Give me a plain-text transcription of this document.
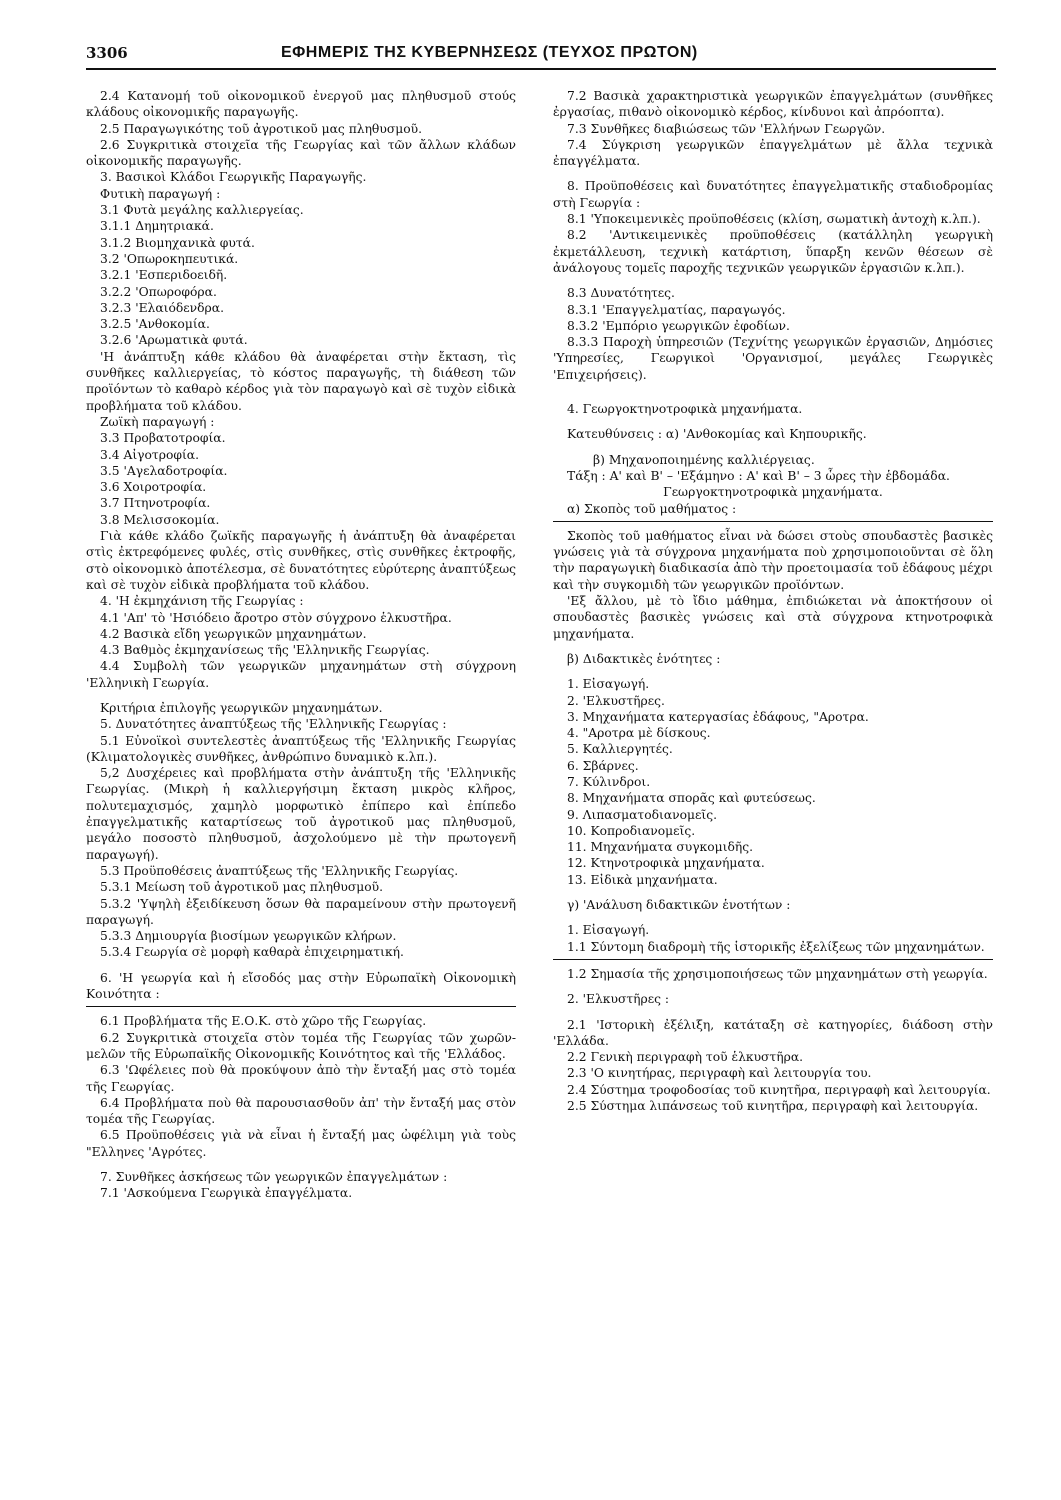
3306	ΕΦΗΜΕΡΙΣ ΤΗΣ ΚΥΒΕΡΝΗΣΕΩΣ (ΤΕΥΧΟΣ ΠΡΩΤΟΝ)

2.4 Κατανομή τοῦ οἰκονομικοῦ ἐνεργοῦ μας πληθυσμοῦ στούς κλάδους οἰκονομικῆς παραγωγῆς.

2.5 Παραγωγικότης τοῦ ἀγροτικοῦ μας πληθυσμοῦ.

2.6 Συγκριτικὰ στοιχεῖα τῆς Γεωργίας καὶ τῶν ἄλλων κλάδων οἰκονομικῆς παραγωγῆς.

3. Βασικοὶ Κλάδοι Γεωργικῆς Παραγωγῆς.

Φυτικὴ παραγωγή :

3.1 Φυτὰ μεγάλης καλλιεργείας.

3.1.1 Δημητριακά.

3.1.2 Βιομηχανικὰ φυτά.

3.2 'Οπωροκηπευτικά.

3.2.1 'Εσπεριδοειδῆ.

3.2.2 'Οπωροφόρα.

3.2.3 'Ελαιόδενδρα.

3.2.5 'Ανθοκομία.

3.2.6 'Αρωματικὰ φυτά.

'Η ἀνάπτυξη κάθε κλάδου θὰ ἀναφέρεται στὴν ἔκταση, τὶς συνθῆκες καλλιεργείας, τὸ κόστος παραγωγῆς, τὴ διάθεση τῶν προϊόντων τὸ καθαρὸ κέρδος γιὰ τὸν παραγωγὸ καὶ σὲ τυχὸν εἰδικὰ προβλήματα τοῦ κλάδου.

Ζωϊκὴ παραγωγή :

3.3 Προβατοτροφία.

3.4 Αἰγοτροφία.

3.5 'Αγελαδοτροφία.

3.6 Χοιροτροφία.

3.7 Πτηνοτροφία.

3.8 Μελισσοκομία.

Γιὰ κάθε κλάδο ζωϊκῆς παραγωγῆς ἡ ἀνάπτυξη θὰ ἀναφέρεται στὶς ἐκτρεφόμενες φυλές, στὶς συνθῆκες, στὶς συνθῆκες ἐκτροφῆς, στὸ οἰκονομικὸ ἀποτέλεσμα, σὲ δυνατότητες εὐρύτερης ἀναπτύξεως καὶ σὲ τυχὸν εἰδικὰ προβλήματα τοῦ κλάδου.

4. 'Η ἐκμηχάνιση τῆς Γεωργίας :

4.1 'Απ' τὸ 'Ησιόδειο ἄροτρο στὸν σύγχρονο ἑλκυστῆρα.

4.2 Βασικὰ εἴδη γεωργικῶν μηχανημάτων.

4.3 Βαθμὸς ἐκμηχανίσεως τῆς 'Ελληνικῆς Γεωργίας.

4.4 Συμβολὴ τῶν γεωργικῶν μηχανημάτων στὴ σύγχρονη 'Ελληνικὴ Γεωργία.

Κριτήρια ἐπιλογῆς γεωργικῶν μηχανημάτων.

5. Δυνατότητες ἀναπτύξεως τῆς 'Ελληνικῆς Γεωργίας :

5.1 Εὐνοϊκοὶ συντελεστὲς ἀναπτύξεως τῆς 'Ελληνικῆς Γεωργίας (Κλιματολογικὲς συνθῆκες, ἀνθρώπινο δυναμικὸ κ.λπ.).

5,2 Δυσχέρειες καὶ προβλήματα στὴν ἀνάπτυξη τῆς 'Ελληνικῆς Γεωργίας. (Μικρὴ ἡ καλλιεργήσιμη ἔκταση μικρὸς κλῆρος, πολυτεμαχισμός, χαμηλὸ μορφωτικὸ ἐπίπερο καὶ ἐπίπεδο ἐπαγγελματικῆς καταρτίσεως τοῦ ἀγροτικοῦ μας πληθυσμοῦ, μεγάλο ποσοστὸ πληθυσμοῦ, ἀσχολούμενο μὲ τὴν πρωτογενῆ παραγωγή).

5.3 Προϋποθέσεις ἀναπτύξεως τῆς 'Ελληνικῆς Γεωργίας.

5.3.1 Μείωση τοῦ ἀγροτικοῦ μας πληθυσμοῦ.

5.3.2 'Υψηλὴ ἐξειδίκευση ὅσων θὰ παραμείνουν στὴν πρωτογενῆ παραγωγή.

5.3.3 Δημιουργία βιοσίμων γεωργικῶν κλήρων.

5.3.4 Γεωργία σὲ μορφὴ καθαρὰ ἐπιχειρηματική.

6. 'Η γεωργία καὶ ἡ εἴσοδός μας στὴν Εὐρωπαϊκὴ Οἰκονομικὴ Κοινότητα :

6.1 Προβλήματα τῆς Ε.Ο.Κ. στὸ χῶρο τῆς Γεωργίας.

6.2 Συγκριτικὰ στοιχεῖα στὸν τομέα τῆς Γεωργίας τῶν χωρῶν-μελῶν τῆς Εὐρωπαϊκῆς Οἰκονομικῆς Κοινότητος καὶ τῆς 'Ελλάδος.

6.3 'Ωφέλειες ποὺ θὰ προκύψουν ἀπὸ τὴν ἔνταξή μας στὸ τομέα τῆς Γεωργίας.

6.4 Προβλήματα ποὺ θὰ παρουσιασθοῦν ἀπ' τὴν ἔνταξή μας στὸν τομέα τῆς Γεωργίας.

6.5 Προϋποθέσεις γιὰ νὰ εἶναι ἡ ἔνταξή μας ὠφέλιμη γιὰ τοὺς "Ελληνες 'Αγρότες.

7. Συνθῆκες ἀσκήσεως τῶν γεωργικῶν ἐπαγγελμάτων :

7.1 'Ασκούμενα Γεωργικὰ ἐπαγγέλματα.

7.2 Βασικὰ χαρακτηριστικὰ γεωργικῶν ἐπαγγελμάτων (συνθῆκες ἐργασίας, πιθανὸ οἰκονομικὸ κέρδος, κίνδυνοι καὶ ἀπρόοπτα).

7.3 Συνθῆκες διαβιώσεως τῶν 'Ελλήνων Γεωργῶν.

7.4 Σύγκριση γεωργικῶν ἐπαγγελμάτων μὲ ἄλλα τεχνικὰ ἐπαγγέλματα.

8. Προϋποθέσεις καὶ δυνατότητες ἐπαγγελματικῆς σταδιοδρομίας στὴ Γεωργία :

8.1 'Υποκειμενικὲς προϋποθέσεις (κλίση, σωματικὴ ἀντοχὴ κ.λπ.).

8.2 'Αντικειμενικὲς προϋποθέσεις (κατάλληλη γεωργικὴ ἐκμετάλλευση, τεχνικὴ κατάρτιση, ὕπαρξη κενῶν θέσεων σὲ ἀνάλογους τομεῖς παροχῆς τεχνικῶν γεωργικῶν ἐργασιῶν κ.λπ.).

8.3 Δυνατότητες.

8.3.1 'Επαγγελματίας, παραγωγός.

8.3.2 'Εμπόριο γεωργικῶν ἐφοδίων.

8.3.3 Παροχὴ ὑπηρεσιῶν (Τεχνίτης γεωργικῶν ἐργασιῶν, Δημόσιες 'Υπηρεσίες, Γεωργικοὶ 'Οργανισμοί, μεγάλες Γεωργικὲς 'Επιχειρήσεις).

4. Γεωργοκτηνοτροφικὰ μηχανήματα.

Κατευθύνσεις : α) 'Ανθοκομίας καὶ Κηπουρικῆς.

β) Μηχανοποιημένης καλλιέργειας.

Τάξη : Α' καὶ Β' – 'Εξάμηνο : Α' καὶ Β' – 3 ὧρες τὴν ἑβδομάδα.

Γεωργοκτηνοτροφικὰ μηχανήματα.

α) Σκοπὸς τοῦ μαθήματος :

Σκοπὸς τοῦ μαθήματος εἶναι νὰ δώσει στοὺς σπουδαστὲς βασικὲς γνώσεις γιὰ τὰ σύγχρονα μηχανήματα ποὺ χρησιμοποιοῦνται σὲ ὅλη τὴν παραγωγικὴ διαδικασία ἀπὸ τὴν προετοιμασία τοῦ ἐδάφους μέχρι καὶ τὴν συγκομιδὴ τῶν γεωργικῶν προϊόντων.

'Εξ ἄλλου, μὲ τὸ ἴδιο μάθημα, ἐπιδιώκεται νὰ ἀποκτήσουν οἱ σπουδαστὲς βασικὲς γνώσεις καὶ στὰ σύγχρονα κτηνοτροφικὰ μηχανήματα.

β) Διδακτικὲς ἑνότητες :

1. Εἰσαγωγή.

2. 'Ελκυστῆρες.

3. Μηχανήματα κατεργασίας ἐδάφους, "Αροτρα.

4. "Αροτρα μὲ δίσκους.

5. Καλλιεργητές.

6. Σβάρνες.

7. Κύλινδροι.

8. Μηχανήματα σπορᾶς καὶ φυτεύσεως.

9. Λιπασματοδιανομεῖς.

10. Κοπροδιανομεῖς.

11. Μηχανήματα συγκομιδῆς.

12. Κτηνοτροφικὰ μηχανήματα.

13. Εἰδικὰ μηχανήματα.

γ) 'Ανάλυση διδακτικῶν ἑνοτήτων :

1. Εἰσαγωγή.

1.1 Σύντομη διαδρομὴ τῆς ἱστορικῆς ἐξελίξεως τῶν μηχανημάτων.

1.2 Σημασία τῆς χρησιμοποιήσεως τῶν μηχανημάτων στὴ γεωργία.

2. 'Ελκυστῆρες :

2.1 'Ιστορικὴ ἐξέλιξη, κατάταξη σὲ κατηγορίες, διάδοση στὴν 'Ελλάδα.

2.2 Γενικὴ περιγραφὴ τοῦ ἑλκυστῆρα.

2.3 'Ο κινητήρας, περιγραφὴ καὶ λειτουργία του.

2.4 Σύστημα τροφοδοσίας τοῦ κινητῆρα, περιγραφὴ καὶ λειτουργία.

2.5 Σύστημα λιπάνσεως τοῦ κινητῆρα, περιγραφὴ καὶ λειτουργία.
